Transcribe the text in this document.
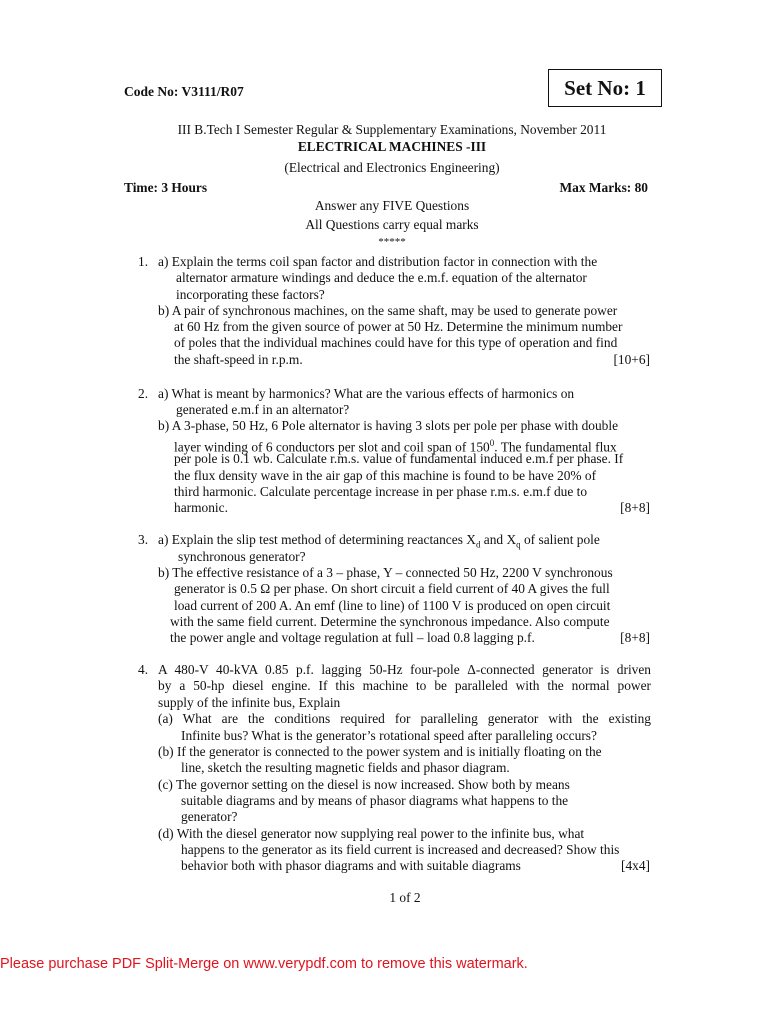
Code No: V3111/R07	Set No: 1
III B.Tech I Semester Regular & Supplementary Examinations, November 2011
ELECTRICAL MACHINES -III
(Electrical and Electronics Engineering)
Time: 3 Hours	Max Marks: 80
Answer any FIVE Questions
All Questions carry equal marks
*****
1. a) Explain the terms coil span factor and distribution factor in connection with the
alternator armature windings and deduce the e.m.f. equation of the alternator
incorporating these factors?
b) A pair of synchronous machines, on the same shaft, may be used to generate power
at 60 Hz from the given source of power at 50 Hz. Determine the minimum number
of poles that the individual machines could have for this type of operation and find
the shaft-speed in r.p.m.	[10+6]
2. a) What is meant by harmonics? What are the various effects of harmonics on
generated e.m.f in an alternator?
b) A 3-phase, 50 Hz, 6 Pole alternator is having 3 slots per pole per phase with double
layer winding of 6 conductors per slot and coil span of $150^0$. The fundamental flux
per pole is 0.1 wb. Calculate r.m.s. value of fundamental induced e.m.f per phase. If
the flux density wave in the air gap of this machine is found to be have 20% of
third harmonic. Calculate percentage increase in per phase r.m.s. e.m.f due to
harmonic.	[8+8]
3. a) Explain the slip test method of determining reactances $X_d$ and $X_q$ of salient pole
synchronous generator?
b) The effective resistance of a 3 – phase, Y – connected 50 Hz, 2200 V synchronous
generator is 0.5 Ω per phase. On short circuit a field current of 40 A gives the full
load current of 200 A. An emf (line to line) of 1100 V is produced on open circuit
with the same field current. Determine the synchronous impedance. Also compute
the power angle and voltage regulation at full – load 0.8 lagging p.f.	[8+8]
4. A 480-V 40-kVA 0.85 p.f. lagging 50-Hz four-pole Δ-connected generator is driven
by a 50-hp diesel engine. If this machine to be paralleled with the normal power
supply of the infinite bus, Explain
(a) What are the conditions required for paralleling generator with the existing
Infinite bus? What is the generator’s rotational speed after paralleling occurs?
(b) If the generator is connected to the power system and is initially floating on the
line, sketch the resulting magnetic fields and phasor diagram.
(c) The governor setting on the diesel is now increased. Show both by means
suitable diagrams and by means of phasor diagrams what happens to the
generator?
(d) With the diesel generator now supplying real power to the infinite bus, what
happens to the generator as its field current is increased and decreased? Show this
behavior both with phasor diagrams and with suitable diagrams	[4x4]
1 of 2
Please purchase PDF Split-Merge on www.verypdf.com to remove this watermark.
